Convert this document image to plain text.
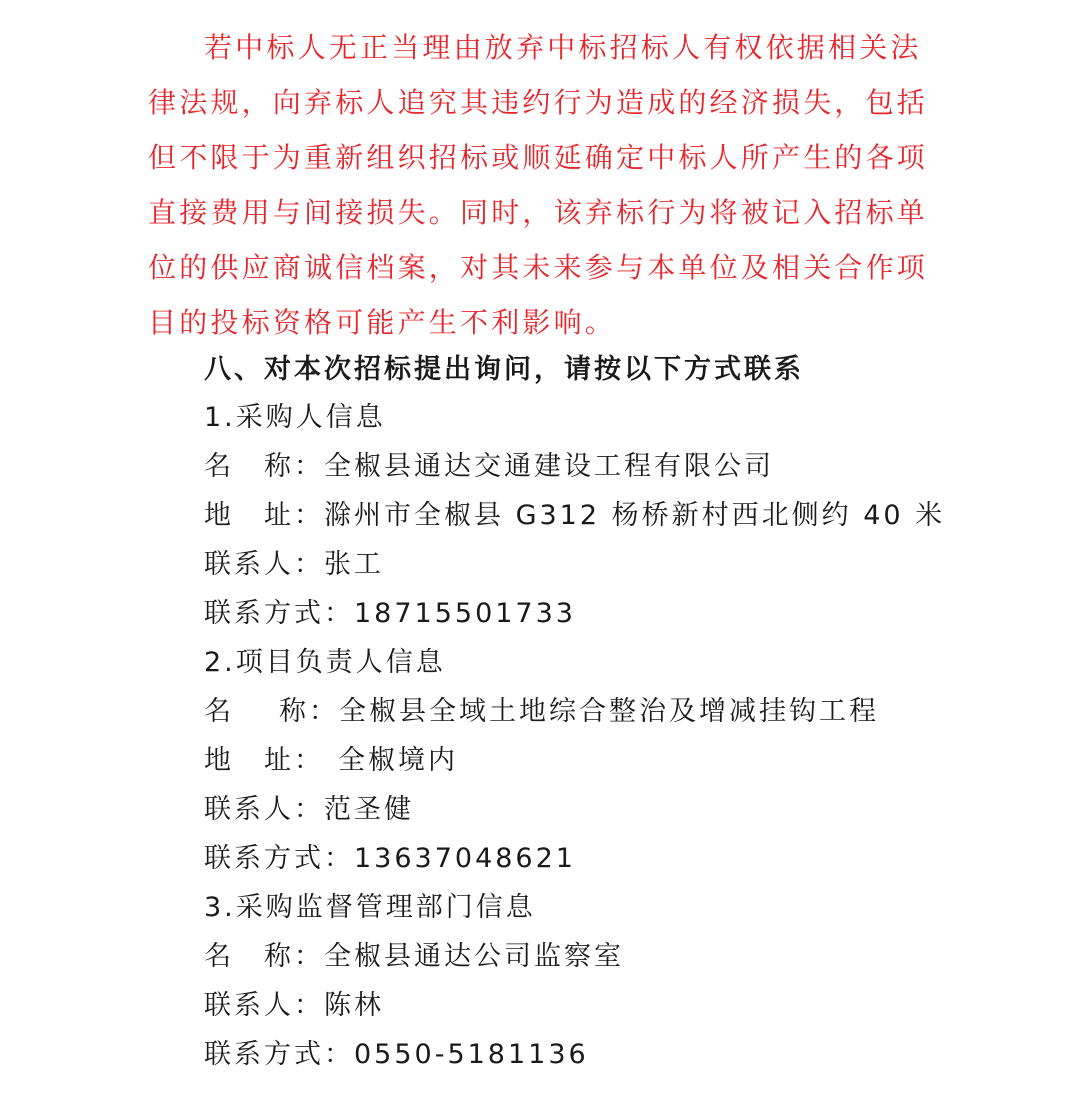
若中标人无正当理由放弃中标招标人有权依据相关法律法规，向弃标人追究其违约行为造成的经济损失，包括但不限于为重新组织招标或顺延确定中标人所产生的各项直接费用与间接损失。同时，该弃标行为将被记入招标单位的供应商诚信档案，对其未来参与本单位及相关合作项目的投标资格可能产生不利影响。

八、对本次招标提出询问，请按以下方式联系
1.采购人信息
名 称：全椒县通达交通建设工程有限公司
地 址：滁州市全椒县 G312 杨桥新村西北侧约 40 米
联系人：张工
联系方式：18715501733
2.项目负责人信息
名 称：全椒县全域土地综合整治及增减挂钩工程
地 址： 全椒境内
联系人：范圣健
联系方式：13637048621
3.采购监督管理部门信息
名 称：全椒县通达公司监察室
联系人：陈林
联系方式：0550-5181136
